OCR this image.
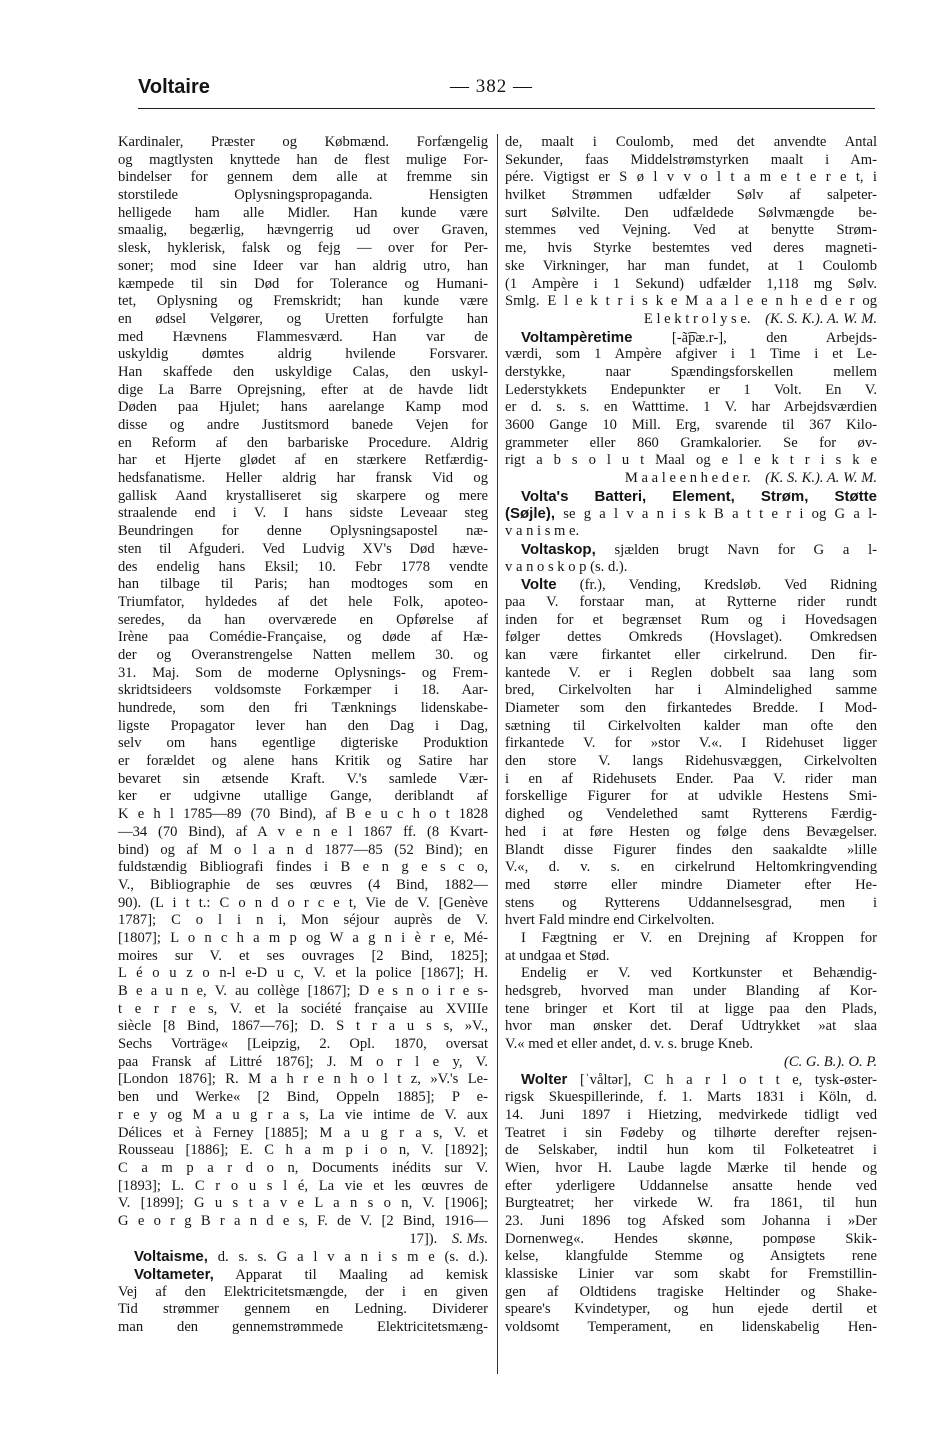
Voltaire	— 382 —
Kardinaler, Præster og Købmænd. Forfængelig
og magtlysten knyttede han de flest mulige For-
bindelser for gennem dem alle at fremme sin
storstilede Oplysningspropaganda. Hensigten
helligede ham alle Midler. Han kunde være
smaalig, begærlig, hævngerrig ud over Graven,
slesk, hyklerisk, falsk og fejg — over for Per-
soner; mod sine Ideer var han aldrig utro, han
kæmpede til sin Død for Tolerance og Humani-
tet, Oplysning og Fremskridt; han kunde være
en ødsel Velgører, og Uretten forfulgte han
med Hævnens Flammesværd. Han var de
uskyldig dømtes aldrig hvilende Forsvarer.
Han skaffede den uskyldige Calas, den uskyl-
dige La Barre Oprejsning, efter at de havde lidt
Døden paa Hjulet; hans aarelange Kamp mod
disse og andre Justitsmord banede Vejen for
en Reform af den barbariske Procedure. Aldrig
har et Hjerte glødet af en stærkere Retfærdig-
hedsfanatisme. Heller aldrig har fransk Vid og
gallisk Aand krystalliseret sig skarpere og mere
straalende end i V. I hans sidste Leveaar steg
Beundringen for denne Oplysningsapostel næ-
sten til Afguderi. Ved Ludvig XV's Død hæve-
des endelig hans Eksil; 10. Febr 1778 vendte
han tilbage til Paris; han modtoges som en
Triumfator, hyldedes af det hele Folk, apoteo-
seredes, da han overværede en Opførelse af
Irène paa Comédie-Française, og døde af Hæ-
der og Overanstrengelse Natten mellem 30. og
31. Maj. Som de moderne Oplysnings- og Frem-
skridtsideers voldsomste Forkæmper i 18. Aar-
hundrede, som den fri Tænknings lidenskabe-
ligste Propagator lever han den Dag i Dag,
selv om hans egentlige digteriske Produktion
er forældet og alene hans Kritik og Satire har
bevaret sin ætsende Kraft. V.'s samlede Vær-
ker er udgivne utallige Gange, deriblandt af
K e h l 1785—89 (70 Bind), af B e u c h o t 1828
—34 (70 Bind), af A v e n e l 1867 ff. (8 Kvart-
bind) og af M o l a n d 1877—85 (52 Bind); en
fuldstændig Bibliografi findes i B e n g e s c o,
V., Bibliographie de ses œuvres (4 Bind, 1882—
90). (L i t t.: C o n d o r c e t, Vie de V. [Genève
1787]; C o l i n i, Mon séjour auprès de V.
[1807]; L o n c h a m p og W a g n i è r e, Mé-
moires sur V. et ses ouvrages [2 Bind, 1825];
L é o u z o n-l e-D u c, V. et la police [1867]; H.
B e a u n e, V. au collège [1867]; D e s n o i r e s-
t e r r e s, V. et la société française au XVIIIe
siècle [8 Bind, 1867—76]; D. S t r a u s s, »V.,
Sechs Vorträge« [Leipzig, 2. Opl. 1870, oversat
paa Fransk af Littré 1876]; J. M o r l e y, V.
[London 1876]; R. M a h r e n h o l t z, »V.'s Le-
ben und Werke« [2 Bind, Oppeln 1885]; P e-
r e y og M a u g r a s, La vie intime de V. aux
Délices et à Ferney [1885]; M a u g r a s, V. et
Rousseau [1886]; E. C h a m p i o n, V. [1892];
C a m p a r d o n, Documents inédits sur V.
[1893]; L. C r o u s l é, La vie et les œuvres de
V. [1899]; G u s t a v e L a n s o n, V. [1906];
G e o r g B r a n d e s, F. de V. [2 Bind, 1916—
17]). S. Ms.
Voltaisme, d. s. s. G a l v a n i s m e (s. d.).
Voltameter, Apparat til Maaling ad kemisk
Vej af den Elektricitetsmængde, der i en given
Tid strømmer gennem en Ledning. Dividerer
man den gennemstrømmede Elektricitetsmæng-
de, maalt i Coulomb, med det anvendte Antal
Sekunder, faas Middelstrømstyrken maalt i Am-
pére. Vigtigst er S ø l v v o l t a m e t e r e t, i
hvilket Strømmen udfælder Sølv af salpeter-
surt Sølvilte. Den udfældede Sølvmængde be-
stemmes ved Vejning. Ved at benytte Strøm-
me, hvis Styrke bestemtes ved deres magneti-
ske Virkninger, har man fundet, at 1 Coulomb
(1 Ampère i 1 Sekund) udfælder 1,118 mg Sølv.
Smlg. E l e k t r i s k e M a a l e e n h e d e r og
E l e k t r o l y s e. (K. S. K.). A. W. M.
Voltampèretime [-ã͡pæ.r-], den Arbejds-
værdi, som 1 Ampère afgiver i 1 Time i et Le-
derstykke, naar Spændingsforskellen mellem
Lederstykkets Endepunkter er 1 Volt. En V.
er d. s. s. en Watttime. 1 V. har Arbejdsværdien
3600 Gange 10 Mill. Erg, svarende til 367 Kilo-
grammeter eller 860 Gramkalorier. Se for øv-
rigt a b s o l u t Maal og e l e k t r i s k e
M a a l e e n h e d e r. (K. S. K.). A. W. M.
Volta's Batteri, Element, Strøm, Støtte
(Søjle), se g a l v a n i s k B a t t e r i og G a l-
v a n i s m e.
Voltaskop, sjælden brugt Navn for G a l-
v a n o s k o p (s. d.).
Volte (fr.), Vending, Kredsløb. Ved Ridning
paa V. forstaar man, at Rytterne rider rundt
inden for et begrænset Rum og i Hovedsagen
følger dettes Omkreds (Hovslaget). Omkredsen
kan være firkantet eller cirkelrund. Den fir-
kantede V. er i Reglen dobbelt saa lang som
bred, Cirkelvolten har i Almindelighed samme
Diameter som den firkantedes Bredde. I Mod-
sætning til Cirkelvolten kalder man ofte den
firkantede V. for »stor V.«. I Ridehuset ligger
den store V. langs Ridehusvæggen, Cirkelvolten
i en af Ridehusets Ender. Paa V. rider man
forskellige Figurer for at udvikle Hestens Smi-
dighed og Vendelethed samt Rytterens Færdig-
hed i at føre Hesten og følge dens Bevægelser.
Blandt disse Figurer findes den saakaldte »lille
V.«, d. v. s. en cirkelrund Heltomkringvending
med større eller mindre Diameter efter He-
stens og Rytterens Uddannelsesgrad, men i
hvert Fald mindre end Cirkelvolten.
I Fægtning er V. en Drejning af Kroppen for
at undgaa et Stød.
Endelig er V. ved Kortkunster et Behændig-
hedsgreb, hvorved man under Blanding af Kor-
tene bringer et Kort til at ligge paa den Plads,
hvor man ønsker det. Deraf Udtrykket »at slaa
V.« med et eller andet, d. v. s. bruge Kneb.
 (C. G. B.). O. P.
Wolter [ˈvåltər], C h a r l o t t e, tysk-øster-
rigsk Skuespillerinde, f. 1. Marts 1831 i Köln, d.
14. Juni 1897 i Hietzing, medvirkede tidligt ved
Teatret i sin Fødeby og tilhørte derefter rejsen-
de Selskaber, indtil hun kom til Folketeatret i
Wien, hvor H. Laube lagde Mærke til hende og
efter yderligere Uddannelse ansatte hende ved
Burgteatret; her virkede W. fra 1861, til hun
23. Juni 1896 tog Afsked som Johanna i »Der
Dornenweg«. Hendes skønne, pompøse Skik-
kelse, klangfulde Stemme og Ansigtets rene
klassiske Linier var som skabt for Fremstillin-
gen af Oldtidens tragiske Heltinder og Shake-
speare's Kvindetyper, og hun ejede dertil et
voldsomt Temperament, en lidenskabelig Hen-
